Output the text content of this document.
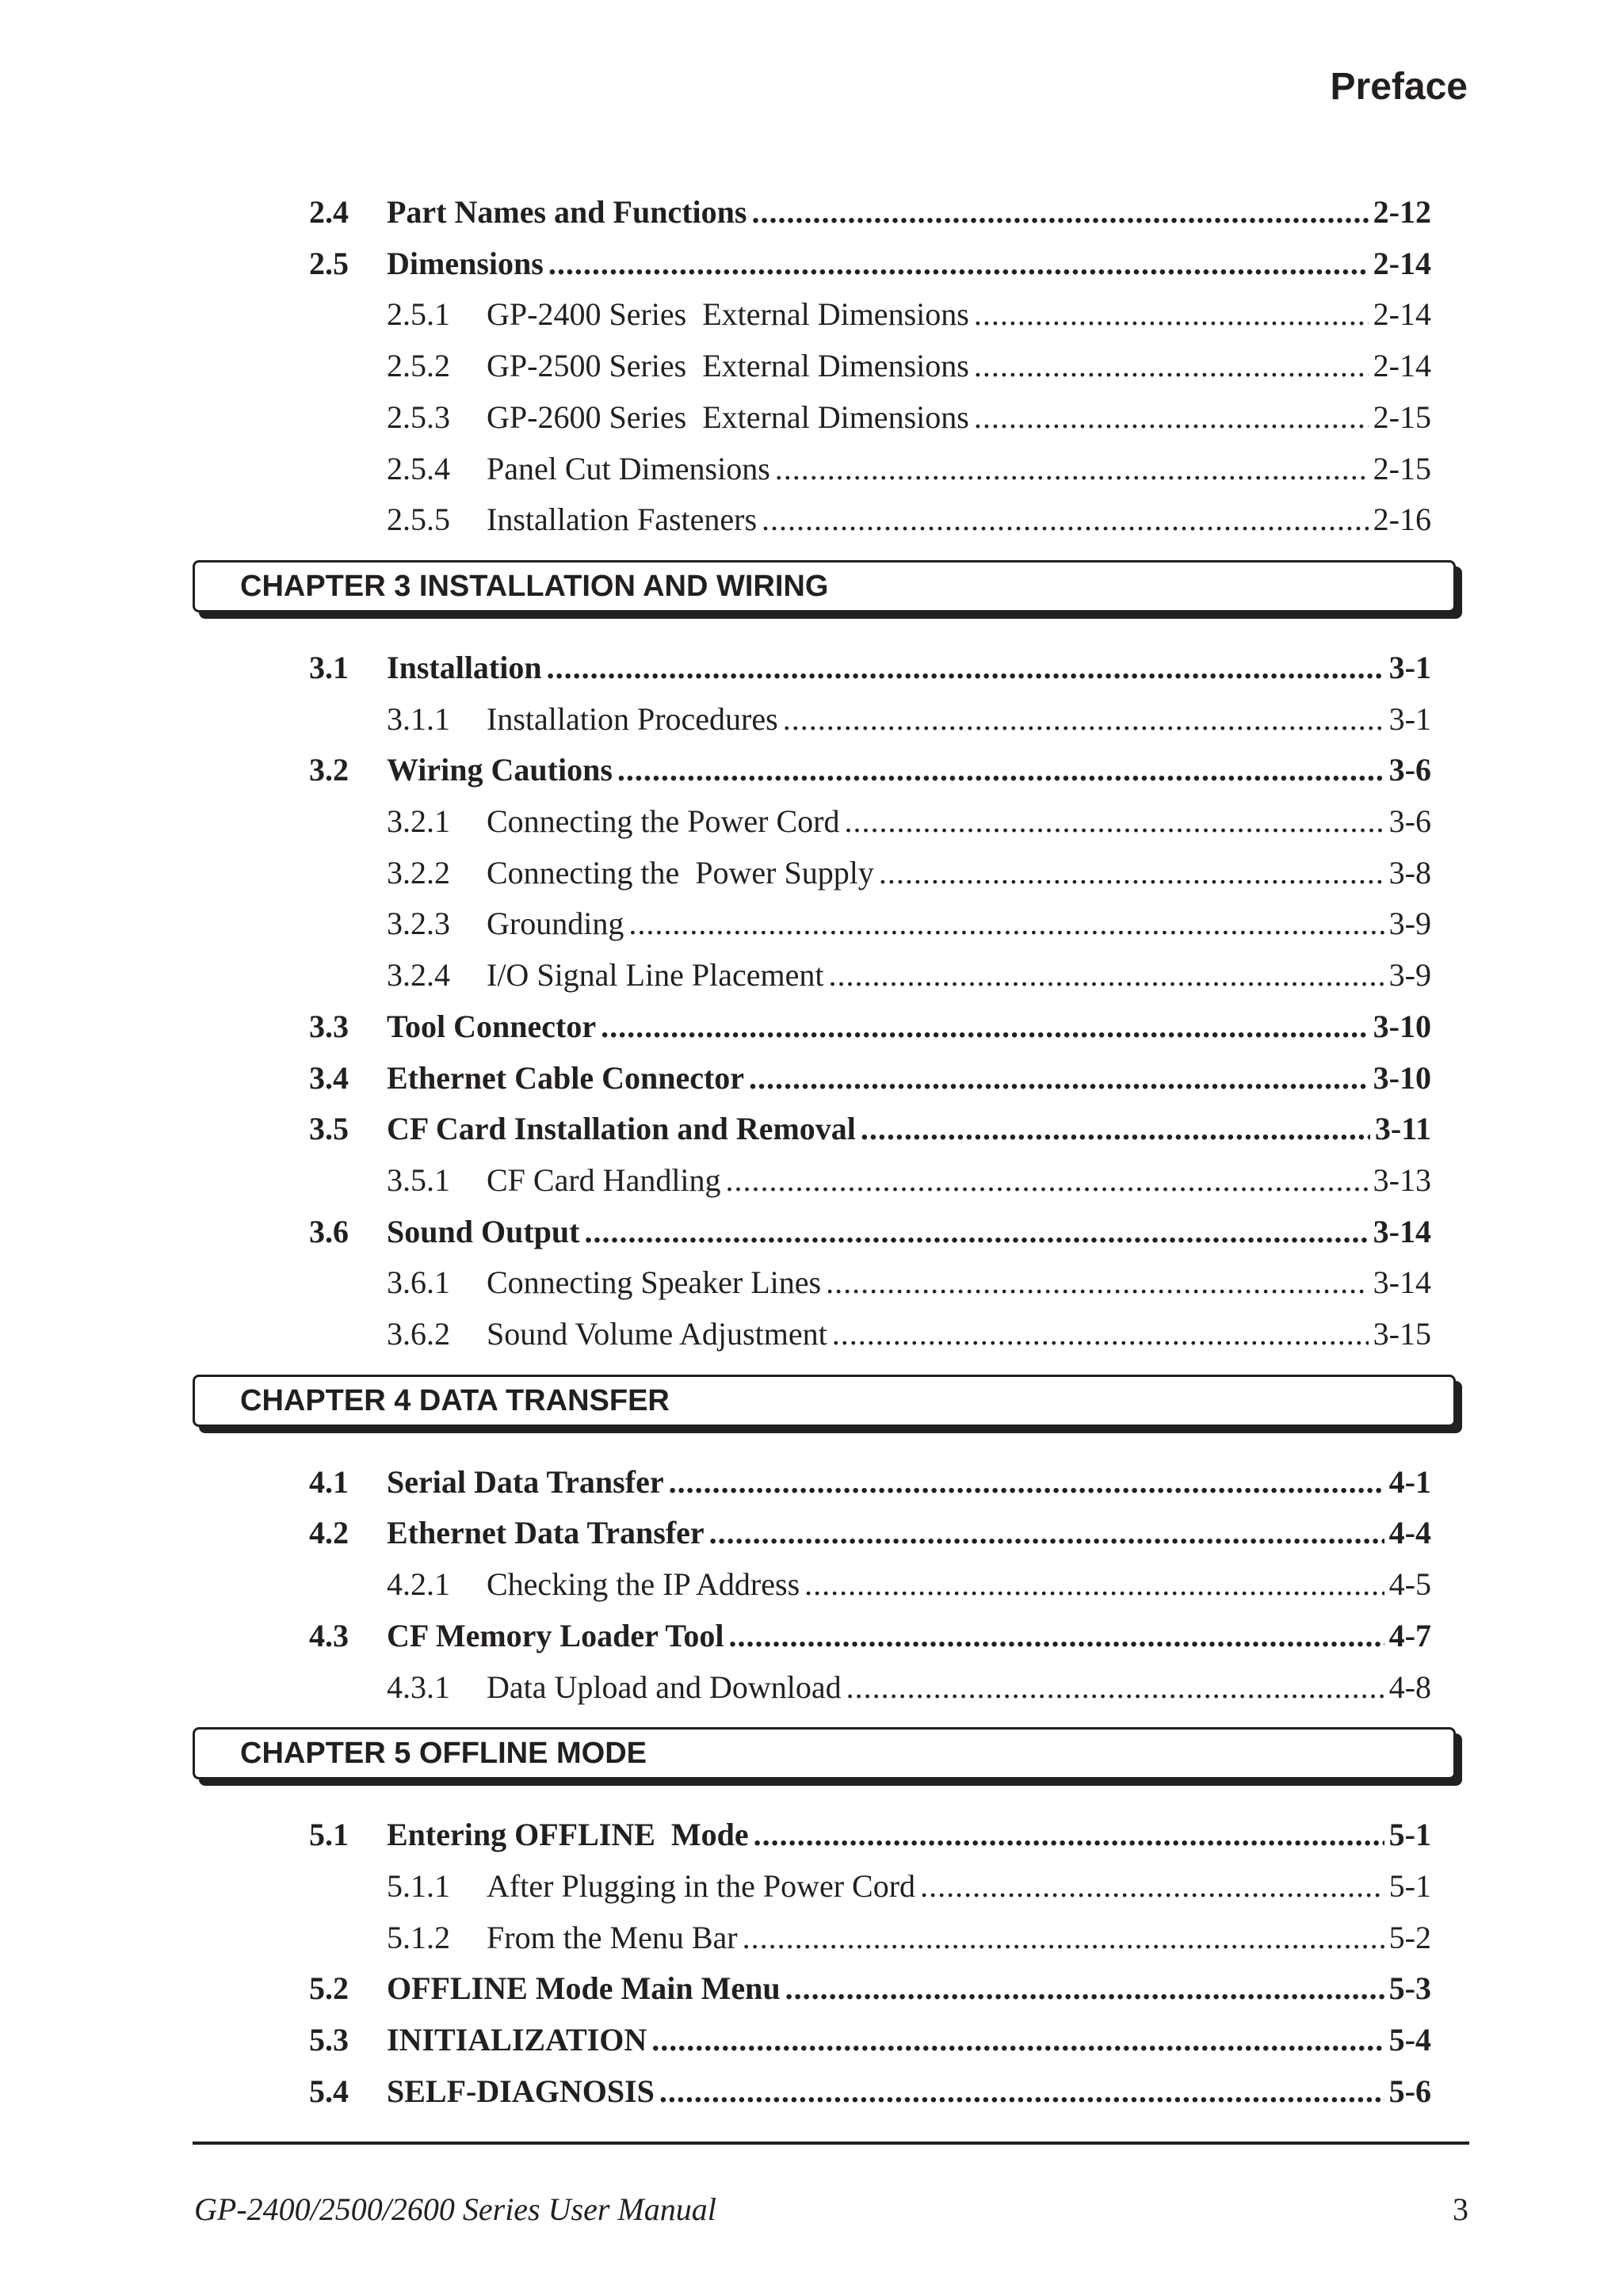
Preface
2.4	Part Names and Functions .....	2-12
2.5	Dimensions .....	2-14
2.5.1	GP-2400 Series  External Dimensions .....	2-14
2.5.2	GP-2500 Series  External Dimensions .....	2-14
2.5.3	GP-2600 Series  External Dimensions .....	2-15
2.5.4	Panel Cut Dimensions .....	2-15
2.5.5	Installation Fasteners .....	2-16
CHAPTER 3 INSTALLATION AND WIRING
3.1	Installation .....	3-1
3.1.1	Installation Procedures .....	3-1
3.2	Wiring Cautions .....	3-6
3.2.1	Connecting the Power Cord .....	3-6
3.2.2	Connecting the  Power Supply .....	3-8
3.2.3	Grounding .....	3-9
3.2.4	I/O Signal Line Placement .....	3-9
3.3	Tool Connector .....	3-10
3.4	Ethernet Cable Connector .....	3-10
3.5	CF Card Installation and Removal .....	3-11
3.5.1	CF Card Handling .....	3-13
3.6	Sound Output .....	3-14
3.6.1	Connecting Speaker Lines .....	3-14
3.6.2	Sound Volume Adjustment .....	3-15
CHAPTER 4 DATA TRANSFER
4.1	Serial Data Transfer .....	4-1
4.2	Ethernet Data Transfer .....	4-4
4.2.1	Checking the IP Address .....	4-5
4.3	CF Memory Loader Tool .....	4-7
4.3.1	Data Upload and Download .....	4-8
CHAPTER 5 OFFLINE MODE
5.1	Entering OFFLINE  Mode .....	5-1
5.1.1	After Plugging in the Power Cord .....	5-1
5.1.2	From the Menu Bar .....	5-2
5.2	OFFLINE Mode Main Menu .....	5-3
5.3	INITIALIZATION .....	5-4
5.4	SELF-DIAGNOSIS .....	5-6
GP-2400/2500/2600 Series User Manual	3
